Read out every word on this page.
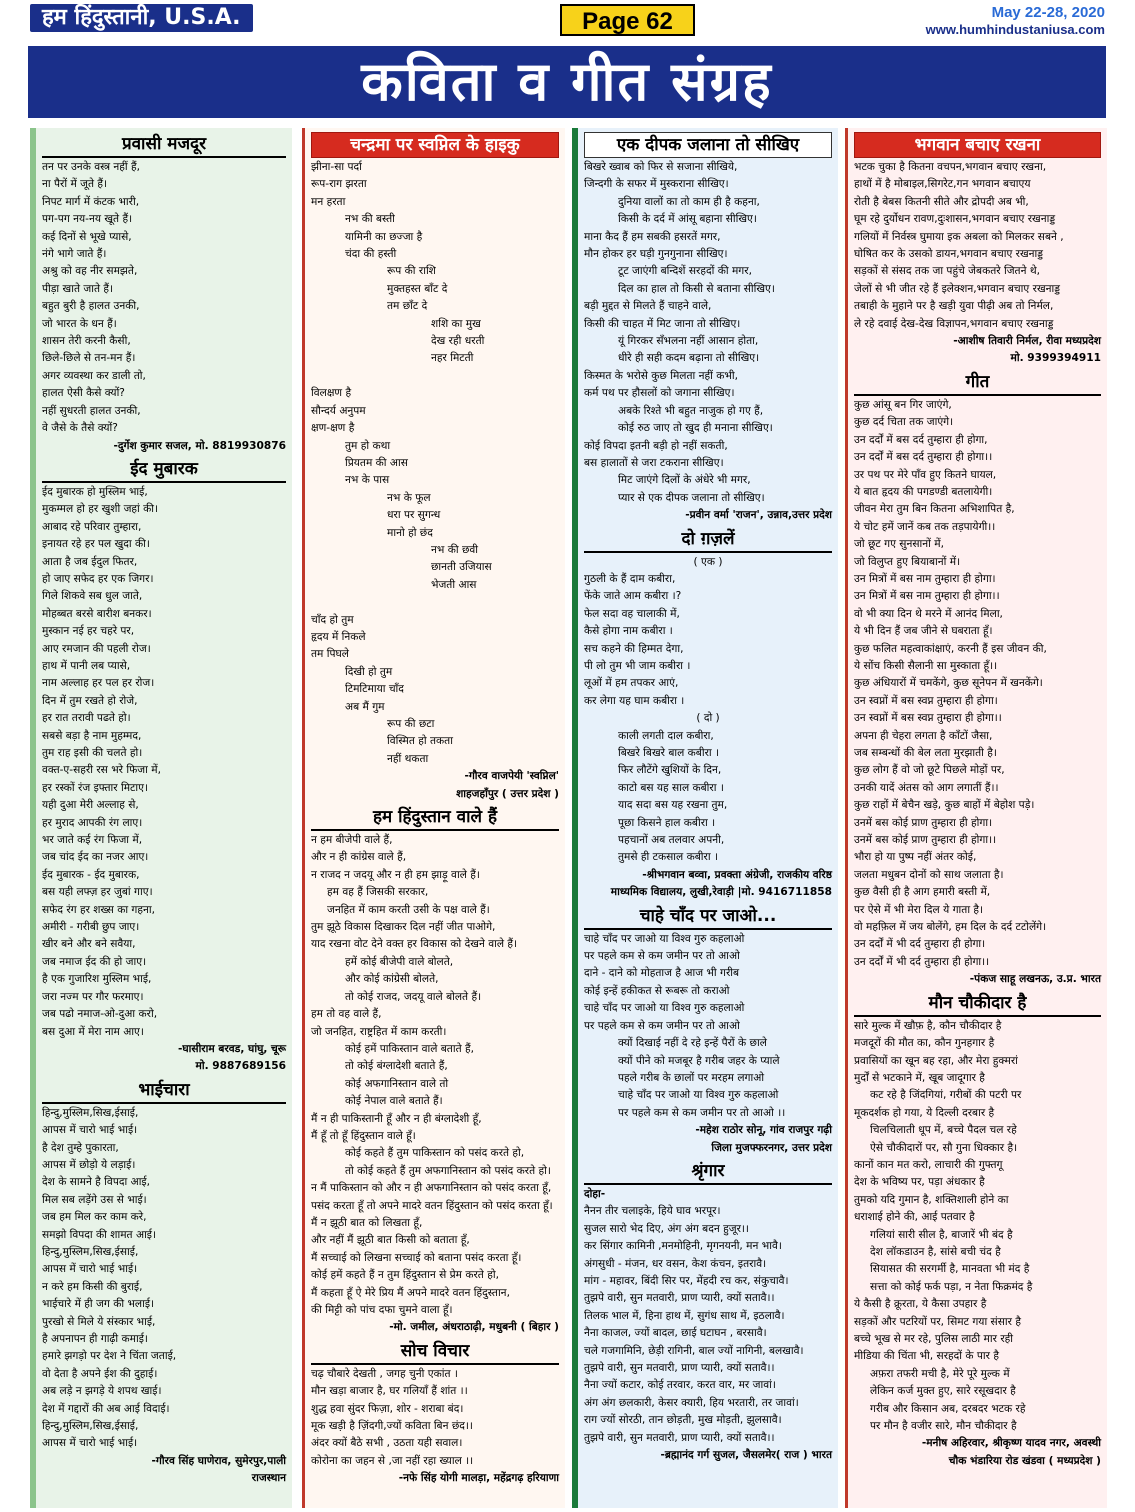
हम हिंदुस्तानी, U.S.A.	Page 62	May 22-28, 2020
www.humhindustaniusa.com
कविता व गीत संग्रह
प्रवासी मजदूर
तन पर उनके वस्त्र नहीं हैं,
ना पैरों में जूते हैं।
निपट मार्ग में कंटक भारी,
पग-पग नय-नय खूते हैं।
कई दिनों से भूखे प्यासे,
नंगे भागे जाते हैं।
अश्रु को वह नीर समझते,
पीड़ा खाते जाते हैं।
बहुत बुरी है हालत उनकी,
जो भारत के धन हैं।
शासन तेरी करनी कैसी,
छिले-छिले से तन-मन हैं।
अगर व्यवस्था कर डाली तो,
हालत ऐसी कैसे क्यों?
नहीं सुधरती हालत उनकी,
वे जैसे के तैसे क्यों?
-दुर्गेश कुमार सजल, मो. 8819930876
ईद मुबारक
ईद मुबारक हो मुस्लिम भाई,
मुकम्मल हो हर खुशी जहां की।
आबाद रहे परिवार तुम्हारा,
इनायत रहे हर पल खुदा की।
आता है जब ईदुल फितर,
हो जाए सफेद हर एक जिगर।
गिले शिकवे सब धुल जाते,
मोहब्बत बरसे बारीश बनकर।
मुस्कान नई हर चहरे पर,
आए रमजान की पहली रोज।
हाथ में पानी लब प्यासे,
नाम अल्लाह हर पल हर रोज।
दिन में तुम रखते हो रोजे,
हर रात तरावी पढते हो।
सबसे बड़ा है नाम मुहम्मद,
तुम राह इसी की चलते हो।
वक्त-ए-सहरी रस भरे फिजा में,
हर रस्कों रंज इफ्तार मिटाए।
यही दुआ मेरी अल्लाह से,
हर मुराद आपकी रंग लाए।
भर जाते कई रंग फिजा में,
जब चांद ईद का नजर आए।
ईद मुबारक - ईद मुबारक,
बस यही लफ्ज़ हर जुबां गाए।
सफेद रंग हर शख्स का गहना,
अमीरी - गरीबी छुप जाए।
खीर बने और बने सवैया,
जब नमाज ईद की हो जाए।
है एक गुजारिश मुस्लिम भाई,
जरा नज्म पर गौर फरमाए।
जब पढो नमाज-ओ-दुआ करो,
बस दुआ में मेरा नाम आए।
-घासीराम बरवड, घांघु, चूरू
मो. 9887689156
भाईचारा
हिन्दु,मुस्लिम,सिख,ईसाई,
आपस में चारो भाई भाई।
है देश तुम्हे पुकारता,
आपस में छोड़ो ये लड़ाई।
देश के सामने है विपदा आई,
मिल सब लड़ेंगे उस से भाई।
जब हम मिल कर काम करे,
समझो विपदा की शामत आई।
हिन्दु,मुस्लिम,सिख,ईसाई,
आपस में चारो भाई भाई।
न करे हम किसी की बुराई,
भाईचारे में ही जग की भलाई।
पुरखो से मिले ये संस्कार भाई,
है अपनापन ही गाढ़ी कमाई।
हमारे झगड़ो पर देश ने चिंता जताई,
वो देता है अपने ईश की दुहाई।
अब लड़े न झगड़े ये शपथ खाई।
देश में गद्दारों की अब आई विदाई।
हिन्दु,मुस्लिम,सिख,ईसाई,
आपस में चारो भाई भाई।
-गौरव सिंह घाणेराव, सुमेरपुर,पाली
राजस्थान
चन्द्रमा पर स्वप्निल के हाइकु
झीना-सा पर्दा
रूप-राग झरता
मन हरता
नभ की बस्ती
यामिनी का छज्जा है
चंदा की हस्ती
रूप की राशि
मुक्तहस्त बाँट दे
तम छाँट दे
शशि का मुख
देख रही धरती
नहर मिटती

विलक्षण है
सौन्दर्य अनुपम
क्षण-क्षण है
तुम हो कथा
प्रियतम की आस
नभ के पास
नभ के फूल
धरा पर सुगन्ध
मानो हो छंद
नभ की छवी
छानती उजियास
भेजती आस

चाँद हो तुम
हृदय में निकले
तम पिघले
दिखी हो तुम
टिमटिमाया चाँद
अब मैं गुम
रूप की छटा
विस्मित हो तकता
नहीं थकता
-गौरव वाजपेयी 'स्वप्निल'
शाहजहाँपुर ( उत्तर प्रदेश )
हम हिंदुस्तान वाले हैं
न हम बीजेपी वाले हैं,
और न ही कांग्रेस वाले हैं,
न राजद न जदयू और न ही हम झाड़ू वाले हैं।
हम वह हैं जिसकी सरकार,
जनहित में काम करती उसी के पक्ष वाले हैं।
तुम झूठे विकास दिखाकर दिल नहीं जीत पाओगे,
याद रखना वोट देने वक्त हर विकास को देखने वाले हैं।
हमें कोई बीजेपी वाले बोलते,
और कोई कांग्रेसी बोलते,
तो कोई राजद, जदयू वाले बोलते हैं।
हम तो वह वाले हैं,
जो जनहित, राष्ट्रहित में काम करती।
कोई हमें पाकिस्तान वाले बताते हैं,
तो कोई बंग्लादेशी बताते हैं,
कोई अफगानिस्तान वाले तो
कोई नेपाल वाले बताते हैं।
मैं न ही पाकिस्तानी हूँ और न ही बंग्लादेशी हूँ,
मैं हूँ तो हूँ हिंदुस्तान वाले हूँ।
कोई कहते हैं तुम पाकिस्तान को पसंद करते हो,
तो कोई कहते हैं तुम अफगानिस्तान को पसंद करते हो।
न मैं पाकिस्तान को और न ही अफगानिस्तान को पसंद करता हूँ,
पसंद करता हूँ तो अपने मादरे वतन हिंदुस्तान को पसंद करता हूँ।
मैं न झूठी बात को लिखता हूँ,
और नहीं मैं झूठी बात किसी को बताता हूँ,
मैं सच्चाई को लिखना सच्चाई को बताना पसंद करता हूँ।
कोई हमें कहते हैं न तुम हिंदुस्तान से प्रेम करते हो,
मैं कहता हूँ ऐ मेरे प्रिय मैं अपने मादरे वतन हिंदुस्तान,
की मिट्टी को पांच दफा चुमने वाला हूँ।
-मो. जमील, अंधराठाढ़ी, मधुबनी ( बिहार )
सोच विचार
चढ़ चौबारे देखती , जगह चुनी एकांत ।
मौन खड़ा बाजार है, घर गलियाँ हैं शांत ।।
शुद्ध हवा सुंदर फिज़ा, शोर - शराबा बंद।
मूक खड़ी है ज़िंदगी,ज्यों कविता बिन छंद।।
अंदर क्यों बैठे सभी , उठता यही सवाल।
कोरोना का जहन से ,जा नहीं रहा ख्याल ।।
-नफे सिंह योगी मालड़ा, महेंद्रगढ़ हरियाणा
एक दीपक जलाना तो सीखिए
बिखरे ख्वाब को फिर से सजाना सीखिये,
जिन्दगी के सफर में मुस्कराना सीखिए।
दुनिया वालों का तो काम ही है कहना,
किसी के दर्द में आंसू बहाना सीखिए।
माना कैद हैं हम सबकी हसरतें मगर,
मौन होकर हर घड़ी गुनगुनाना सीखिए।
टूट जाएंगी बन्दिशें सरहदों की मगर,
दिल का हाल तो किसी से बताना सीखिए।
बड़ी मुद्दत से मिलते हैं चाहने वाले,
किसी की चाहत में मिट जाना तो सीखिए।
यूं गिरकर सँभलना नहीं आसान होता,
धीरे ही सही कदम बढ़ाना तो सीखिए।
किस्मत के भरोसे कुछ मिलता नहीं कभी,
कर्म पथ पर हौसलों को जगाना सीखिए।
अबके रिश्ते भी बहुत नाजुक हो गए हैं,
कोई रुठ जाए तो खुद ही मनाना सीखिए।
कोई विपदा इतनी बड़ी हो नहीं सकती,
बस हालातों से जरा टकराना सीखिए।
मिट जाएंगे दिलों के अंधेरे भी मगर,
प्यार से एक दीपक जलाना तो सीखिए।
-प्रवीन वर्मा 'राजन', उन्नाव,उत्तर प्रदेश
दो ग़ज़लें
( एक )
गुठली के हैं दाम कबीरा,
फेंके जाते आम कबीरा ।?
फेल सदा वह चालाकी में,
कैसे होगा नाम कबीरा ।
सच कहने की हिम्मत देगा,
पी लो तुम भी जाम कबीरा ।
लूओं में हम तपकर आएं,
कर लेगा यह घाम कबीरा ।
( दो )
काली लगती दाल कबीरा,
बिखरे बिखरे बाल कबीरा ।
फिर लौटेंगे खुशियों के दिन,
काटो बस यह साल कबीरा ।
याद सदा बस यह रखना तुम,
पूछा किसने हाल कबीरा ।
पहचानों अब तलवार अपनी,
तुमसे ही टकसाल कबीरा ।
-श्रीभगवान बव्वा, प्रवक्ता अंग्रेजी, राजकीय वरिष्ठ
माध्यमिक विद्यालय, लुखी,रेवाड़ी |मो. 9416711858
चाहे चाँद पर जाओ...
चाहे चाँद पर जाओ या विश्व गुरु कहलाओ
पर पहले कम से कम जमीन पर तो आओ
दाने - दाने को मोहताज है आज भी गरीब
कोई इन्हें हकीकत से रूबरू तो कराओ
चाहे चाँद पर जाओ या विश्व गुरु कहलाओ
पर पहले कम से कम जमीन पर तो आओ
क्यों दिखाई नहीं दे रहे इन्हें पैरों के छाले
क्यों पीने को मजबूर है गरीब जहर के प्याले
पहले गरीब के छालों पर मरहम लगाओ
चाहे चाँद पर जाओ या विश्व गुरु कहलाओ
पर पहले कम से कम जमीन पर तो आओ ।।
-महेश राठोर सोनू, गांव राजपुर गढ़ी
जिला मुजफ्फरनगर, उत्तर प्रदेश
श्रृंगार
दोहा-
नैनन तीर चलाइके, हिये घाव भरपूर।
सुजल सारो भेद दिए, अंग अंग बदन हुजूर।।
कर सिंगार कामिनी ,मनमोहिनी, मृगनयनी, मन भावै।
अंगसुधी - मंजन, धर वसन, केश कंचन, इतरावै।
मांग - महावर, बिंदी सिर पर, मेंहदी रच कर, संकुचावै।
तुझपे वारी, सुन मतवारी, प्राण प्यारी, क्यों सतावै।।
तिलक भाल में, हिना हाथ में, सुगंध साथ में, इठलावै।
नैना काजल, ज्यों बादल, छाई घटाघन , बरसावै।
चले गजगामिनि, छेड़ी रागिनी, बाल ज्यों नागिनी, बलखावै।
तुझपे वारी, सुन मतवारी, प्राण प्यारी, क्यों सतावै।।
नैना ज्यों कटार, कोई तरवार, करत वार, मर जावां।
अंग अंग छलकारी, केसर क्यारी, हिय भरतारी, तर जावां।
राग ज्यों सोरठी, तान छोड़ती, मुख मोड़ती, झुलसावै।
तुझपे वारी, सुन मतवारी, प्राण प्यारी, क्यों सतावै।।
-ब्रह्मानंद गर्ग सुजल, जैसलमेर( राज ) भारत
भगवान बचाए रखना
भटक चुका है कितना वचपन,भगवान बचाए रखना,
हाथों में है मोबाइल,सिगरेट,गन भगवान बचाएय
रोती है बेबस कितनी सीते और द्रोपदी अब भी,
घूम रहे दुर्योधन रावण,दुःशासन,भगवान बचाए रखनाड्ड
गलियों में निर्वस्त्र घुमाया इक अबला को मिलकर सबने ,
घोषित कर के उसको डायन,भगवान बचाए रखनाड्ड
सड़कों से संसद तक जा पहुंचे जेबकतरे जितने थे,
जेलों से भी जीत रहे हैं इलेक्शन,भगवान बचाए रखनाड्ड
तबाही के मुहाने पर है खड़ी युवा पीढ़ी अब तो निर्मल,
ले रहे दवाई देख-देख विज्ञापन,भगवान बचाए रखनाड्ड
-आशीष तिवारी निर्मल, रीवा मध्यप्रदेश
मो. 9399394911
गीत
कुछ आंसू बन गिर जाएंगे,
कुछ दर्द चिता तक जाएंगे।
उन दर्दों में बस दर्द तुम्हारा ही होगा,
उन दर्दों में बस दर्द तुम्हारा ही होगा।।
उर पथ पर मेरे पाँव हुए कितने घायल,
ये बात हृदय की पगडण्डी बतलायेगी।
जीवन मेरा तुम बिन कितना अभिशापित है,
ये चोट हमें जानें कब तक तड़पायेगी।।
जो छूट गए सुनसानों में,
जो विलुप्त हुए बियाबानों में।
उन मित्रों में बस नाम तुम्हारा ही होगा।
उन मित्रों में बस नाम तुम्हारा ही होगा।।
वो भी क्या दिन थे मरने में आनंद मिला,
ये भी दिन हैं जब जीने से घबराता हूँ।
कुछ फलित महत्वाकांक्षाएं, करनी हैं इस जीवन की,
ये सोंच किसी सैलानी सा मुस्काता हूँ।।
कुछ अंधियारों में चमकेंगे, कुछ सूनेपन में खनकेंगे।
उन स्वप्नों में बस स्वप्न तुम्हारा ही होगा।
उन स्वप्नों में बस स्वप्न तुम्हारा ही होगा।।
अपना ही चेहरा लगता है काँटों जैसा,
जब सम्बन्धों की बेल लता मुरझाती है।
कुछ लोग हैं वो जो छूटे पिछले मोड़ों पर,
उनकी यादें अंतस को आग लगातीं हैं।।
कुछ राहों में बेचैन खड़े, कुछ बाहों में बेहोश पड़े।
उनमें बस कोई प्राण तुम्हारा ही होगा।
उनमें बस कोई प्राण तुम्हारा ही होगा।।
भौरा हो या पुष्प नहीं अंतर कोई,
जलता मधुबन दोनों को साथ जलाता है।
कुछ वैसी ही है आग हमारी बस्ती में,
पर ऐसे में भी मेरा दिल ये गाता है।
वो महफ़िल में जय बोलेंगे, हम दिल के दर्द टटोलेंगे।
उन दर्दों में भी दर्द तुम्हारा ही होगा।
उन दर्दों में भी दर्द तुम्हारा ही होगा।।
-पंकज साहू लखनऊ, उ.प्र. भारत
मौन चौकीदार है
सारे मुल्क में खौफ़ है, कौन चौकीदार है
मजदूरों की मौत का, कौन गुनहगार है
प्रवासियों का खून बह रहा, और मेरा हुक्मरां
मुर्दों से भटकाने में, खूब जादूगार है
कट रहे है जिंदगियां, गरीबों की पटरी पर
मूकदर्शक हो गया, ये दिल्ली दरबार है
चिलचिलाती धूप में, बच्चे पैदल चल रहे
ऐसे चौकीदारों पर, सौ गुना धिक्कार है।
कानों कान मत करो, लाचारी की गुफ्तगू
देश के भविष्य पर, पड़ा अंधकार है
तुमको यदि गुमान है, शक्तिशाली होने का
धराशाई होने की, आई पतवार है
गलियां सारी सील है, बाजारें भी बंद है
देश लॉकडाउन है, सांसे बची चंद है
सियासत की सरगर्मी है, मानवता भी मंद है
सत्ता को कोई फर्क पड़ा, न नेता फिक्रमंद है
ये कैसी है क्रूरता, ये कैसा उपहार है
सड़कों और पटरियों पर, सिमट गया संसार है
बच्चे भूख से मर रहे, पुलिस लाठी मार रही
मीडिया की चिंता भी, सरहदों के पार है
अफ़रा तफरी मची है, मेरे पूरे मुल्क में
लेकिन कर्ज मुक्त हुए, सारे रसूखदार है
गरीब और किसान अब, दरबदर भटक रहे
पर मौन है वजीर सारे, मौन चौकीदार है
-मनीष अहिरवार, श्रीकृष्ण यादव नगर, अवस्थी
चौक भंडारिया रोड खंडवा ( मध्यप्रदेश )
